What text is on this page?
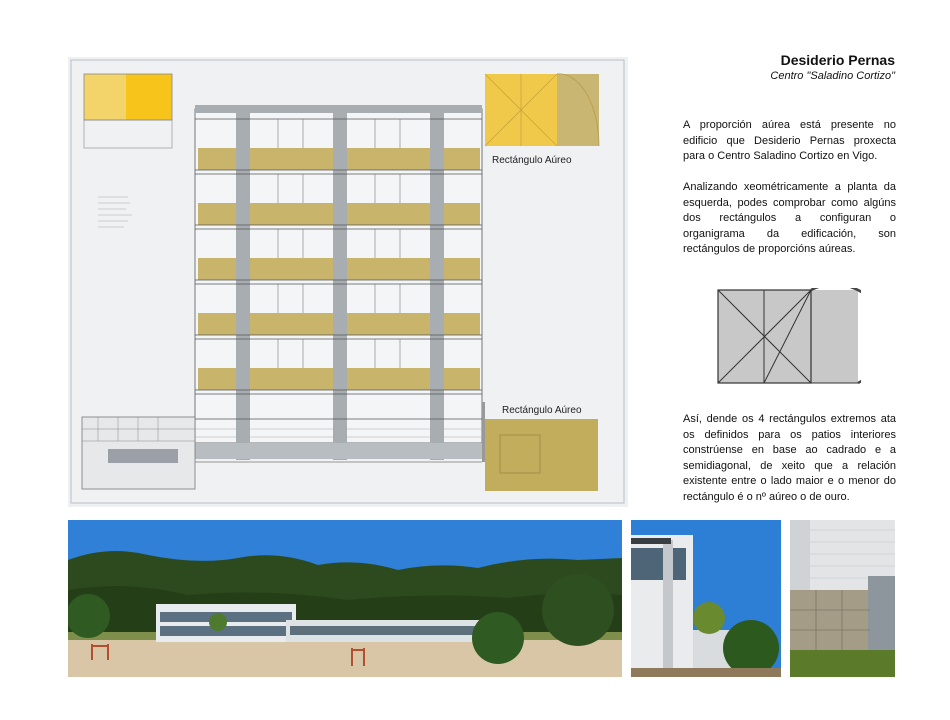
Desiderio Pernas
Centro "Saladino Cortizo"
A proporción aúrea está presente no edificio que Desiderio Pernas proxecta para o Centro Saladino Cortizo en Vigo.
Analizando xeométricamente a planta da esquerda, podes comprobar como algúns dos rectángulos a configuran o organigrama da edificación, son rectángulos de proporcións aúreas.
Así, dende os 4 rectángulos extremos ata os definidos para os patios interiores constrúense en base ao cadrado e a semidiagonal, de xeito que a relación existente entre o lado maior e o menor do rectángulo é o nº aúreo o de ouro.
Rectángulo Aúreo
Rectángulo Aúreo
